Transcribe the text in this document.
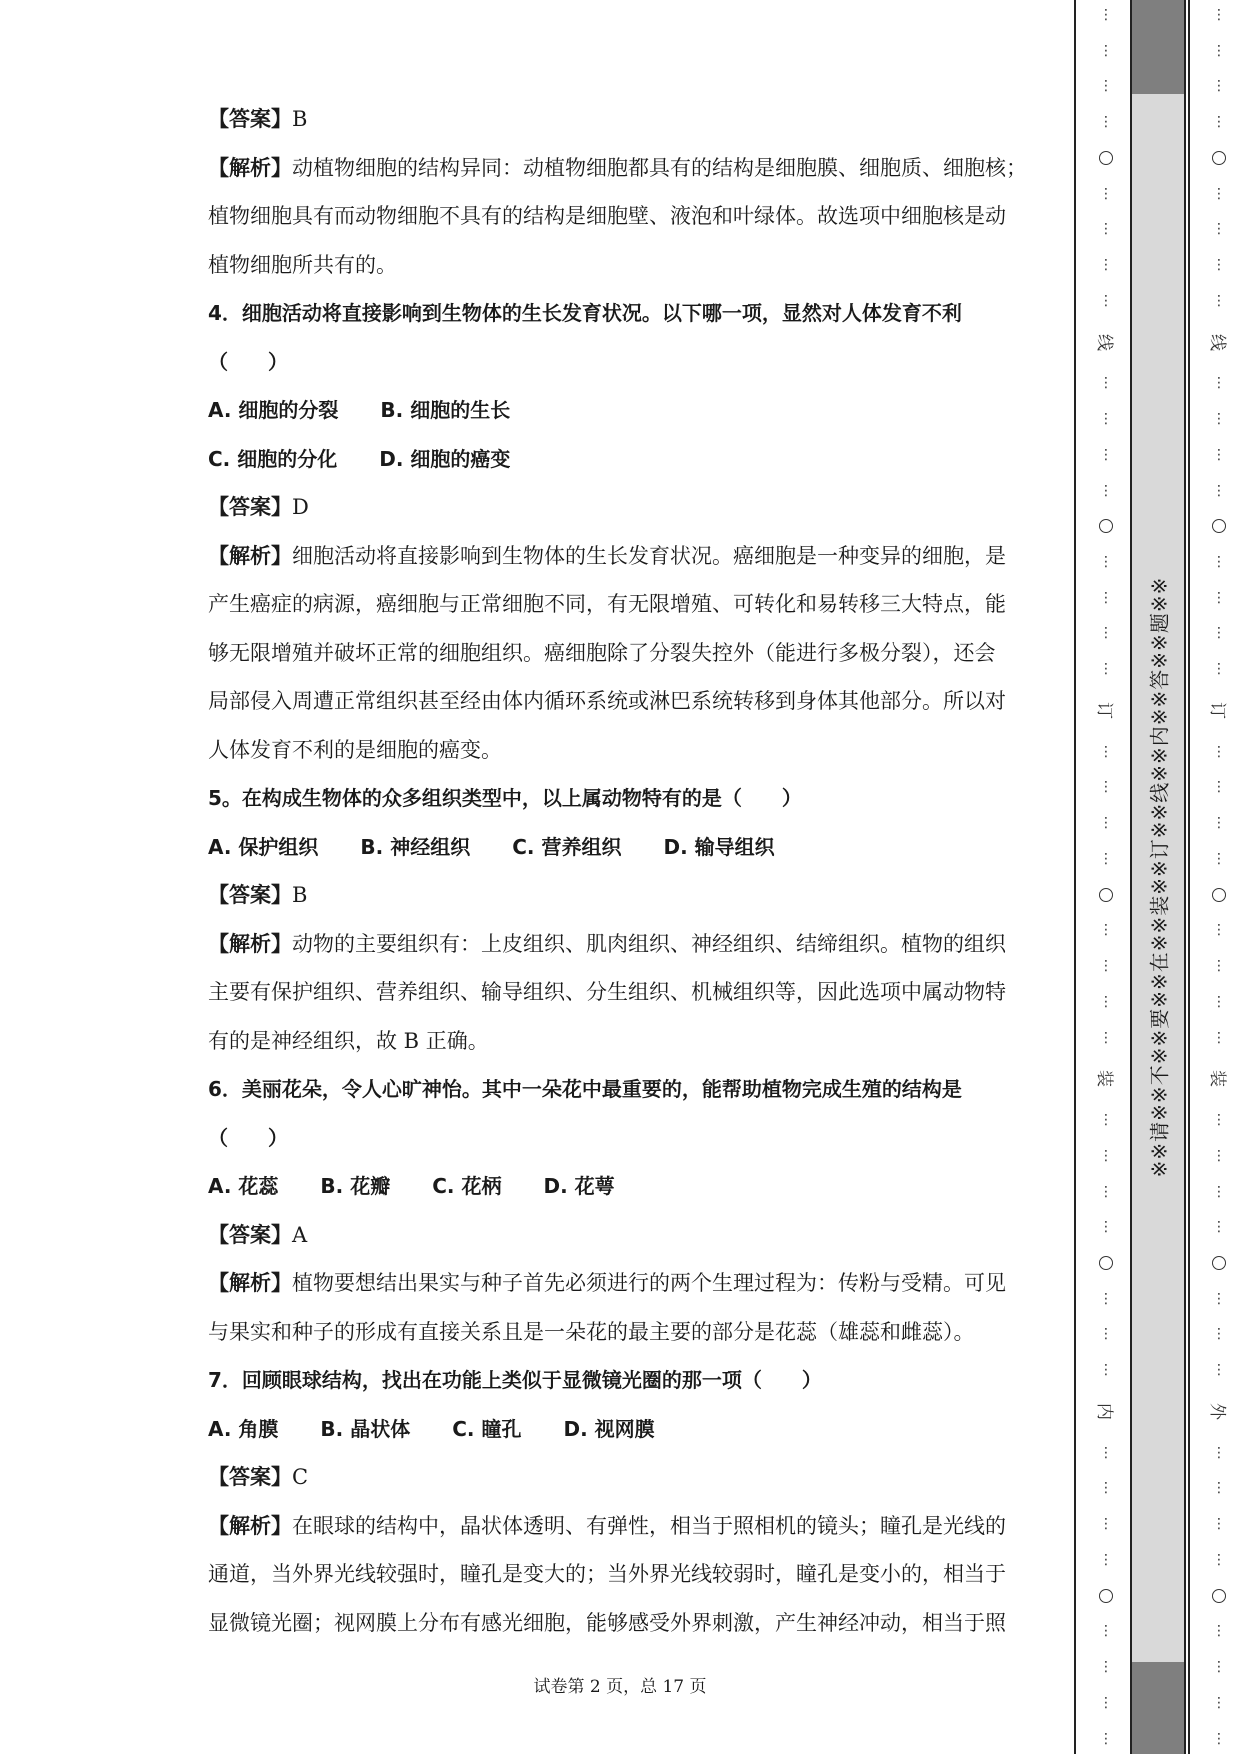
【答案】B
【解析】动植物细胞的结构异同：动植物细胞都具有的结构是细胞膜、细胞质、细胞核；
植物细胞具有而动物细胞不具有的结构是细胞壁、液泡和叶绿体。故选项中细胞核是动
植物细胞所共有的。
4．细胞活动将直接影响到生物体的生长发育状况。以下哪一项，显然对人体发育不利
（　　）
A. 细胞的分裂 B. 细胞的生长
C. 细胞的分化 D. 细胞的癌变
【答案】D
【解析】细胞活动将直接影响到生物体的生长发育状况。癌细胞是一种变异的细胞，是
产生癌症的病源，癌细胞与正常细胞不同，有无限增殖、可转化和易转移三大特点，能
够无限增殖并破坏正常的细胞组织。癌细胞除了分裂失控外（能进行多极分裂），还会
局部侵入周遭正常组织甚至经由体内循环系统或淋巴系统转移到身体其他部分。所以对
人体发育不利的是细胞的癌变。
5。在构成生物体的众多组织类型中，以上属动物特有的是（　　）
A. 保护组织 B. 神经组织 C. 营养组织 D. 输导组织
【答案】B
【解析】动物的主要组织有：上皮组织、肌肉组织、神经组织、结缔组织。植物的组织
主要有保护组织、营养组织、输导组织、分生组织、机械组织等，因此选项中属动物特
有的是神经组织，故 B 正确。
6．美丽花朵，令人心旷神怡。其中一朵花中最重要的，能帮助植物完成生殖的结构是
（　　）
A. 花蕊 B. 花瓣 C. 花柄 D. 花萼
【答案】A
【解析】植物要想结出果实与种子首先必须进行的两个生理过程为：传粉与受精。可见
与果实和种子的形成有直接关系且是一朵花的最主要的部分是花蕊（雄蕊和雌蕊）。
7．回顾眼球结构，找出在功能上类似于显微镜光圈的那一项（　　）
A. 角膜 B. 晶状体 C. 瞳孔 D. 视网膜
【答案】C
【解析】在眼球的结构中，晶状体透明、有弹性，相当于照相机的镜头；瞳孔是光线的
通道，当外界光线较强时，瞳孔是变大的；当外界光线较弱时，瞳孔是变小的，相当于
显微镜光圈；视网膜上分布有感光细胞，能够感受外界刺激，产生神经冲动，相当于照
试卷第 2 页，总 17 页
⋮
⋮
⋮
⋮
⋮
⋮
⋮
⋮
线
⋮
⋮
⋮
⋮
⋮
⋮
⋮
⋮
订
⋮
⋮
⋮
⋮
⋮
⋮
⋮
⋮
装
⋮
⋮
⋮
⋮
⋮
⋮
⋮
内
⋮
⋮
⋮
⋮
⋮
⋮
⋮
⋮
※※请※※不※※要※※在※※装※※订※※线※※内※※答※※题※※
⋮
⋮
⋮
⋮
⋮
⋮
⋮
⋮
线
⋮
⋮
⋮
⋮
⋮
⋮
⋮
⋮
订
⋮
⋮
⋮
⋮
⋮
⋮
⋮
⋮
装
⋮
⋮
⋮
⋮
⋮
⋮
⋮
外
⋮
⋮
⋮
⋮
⋮
⋮
⋮
⋮
